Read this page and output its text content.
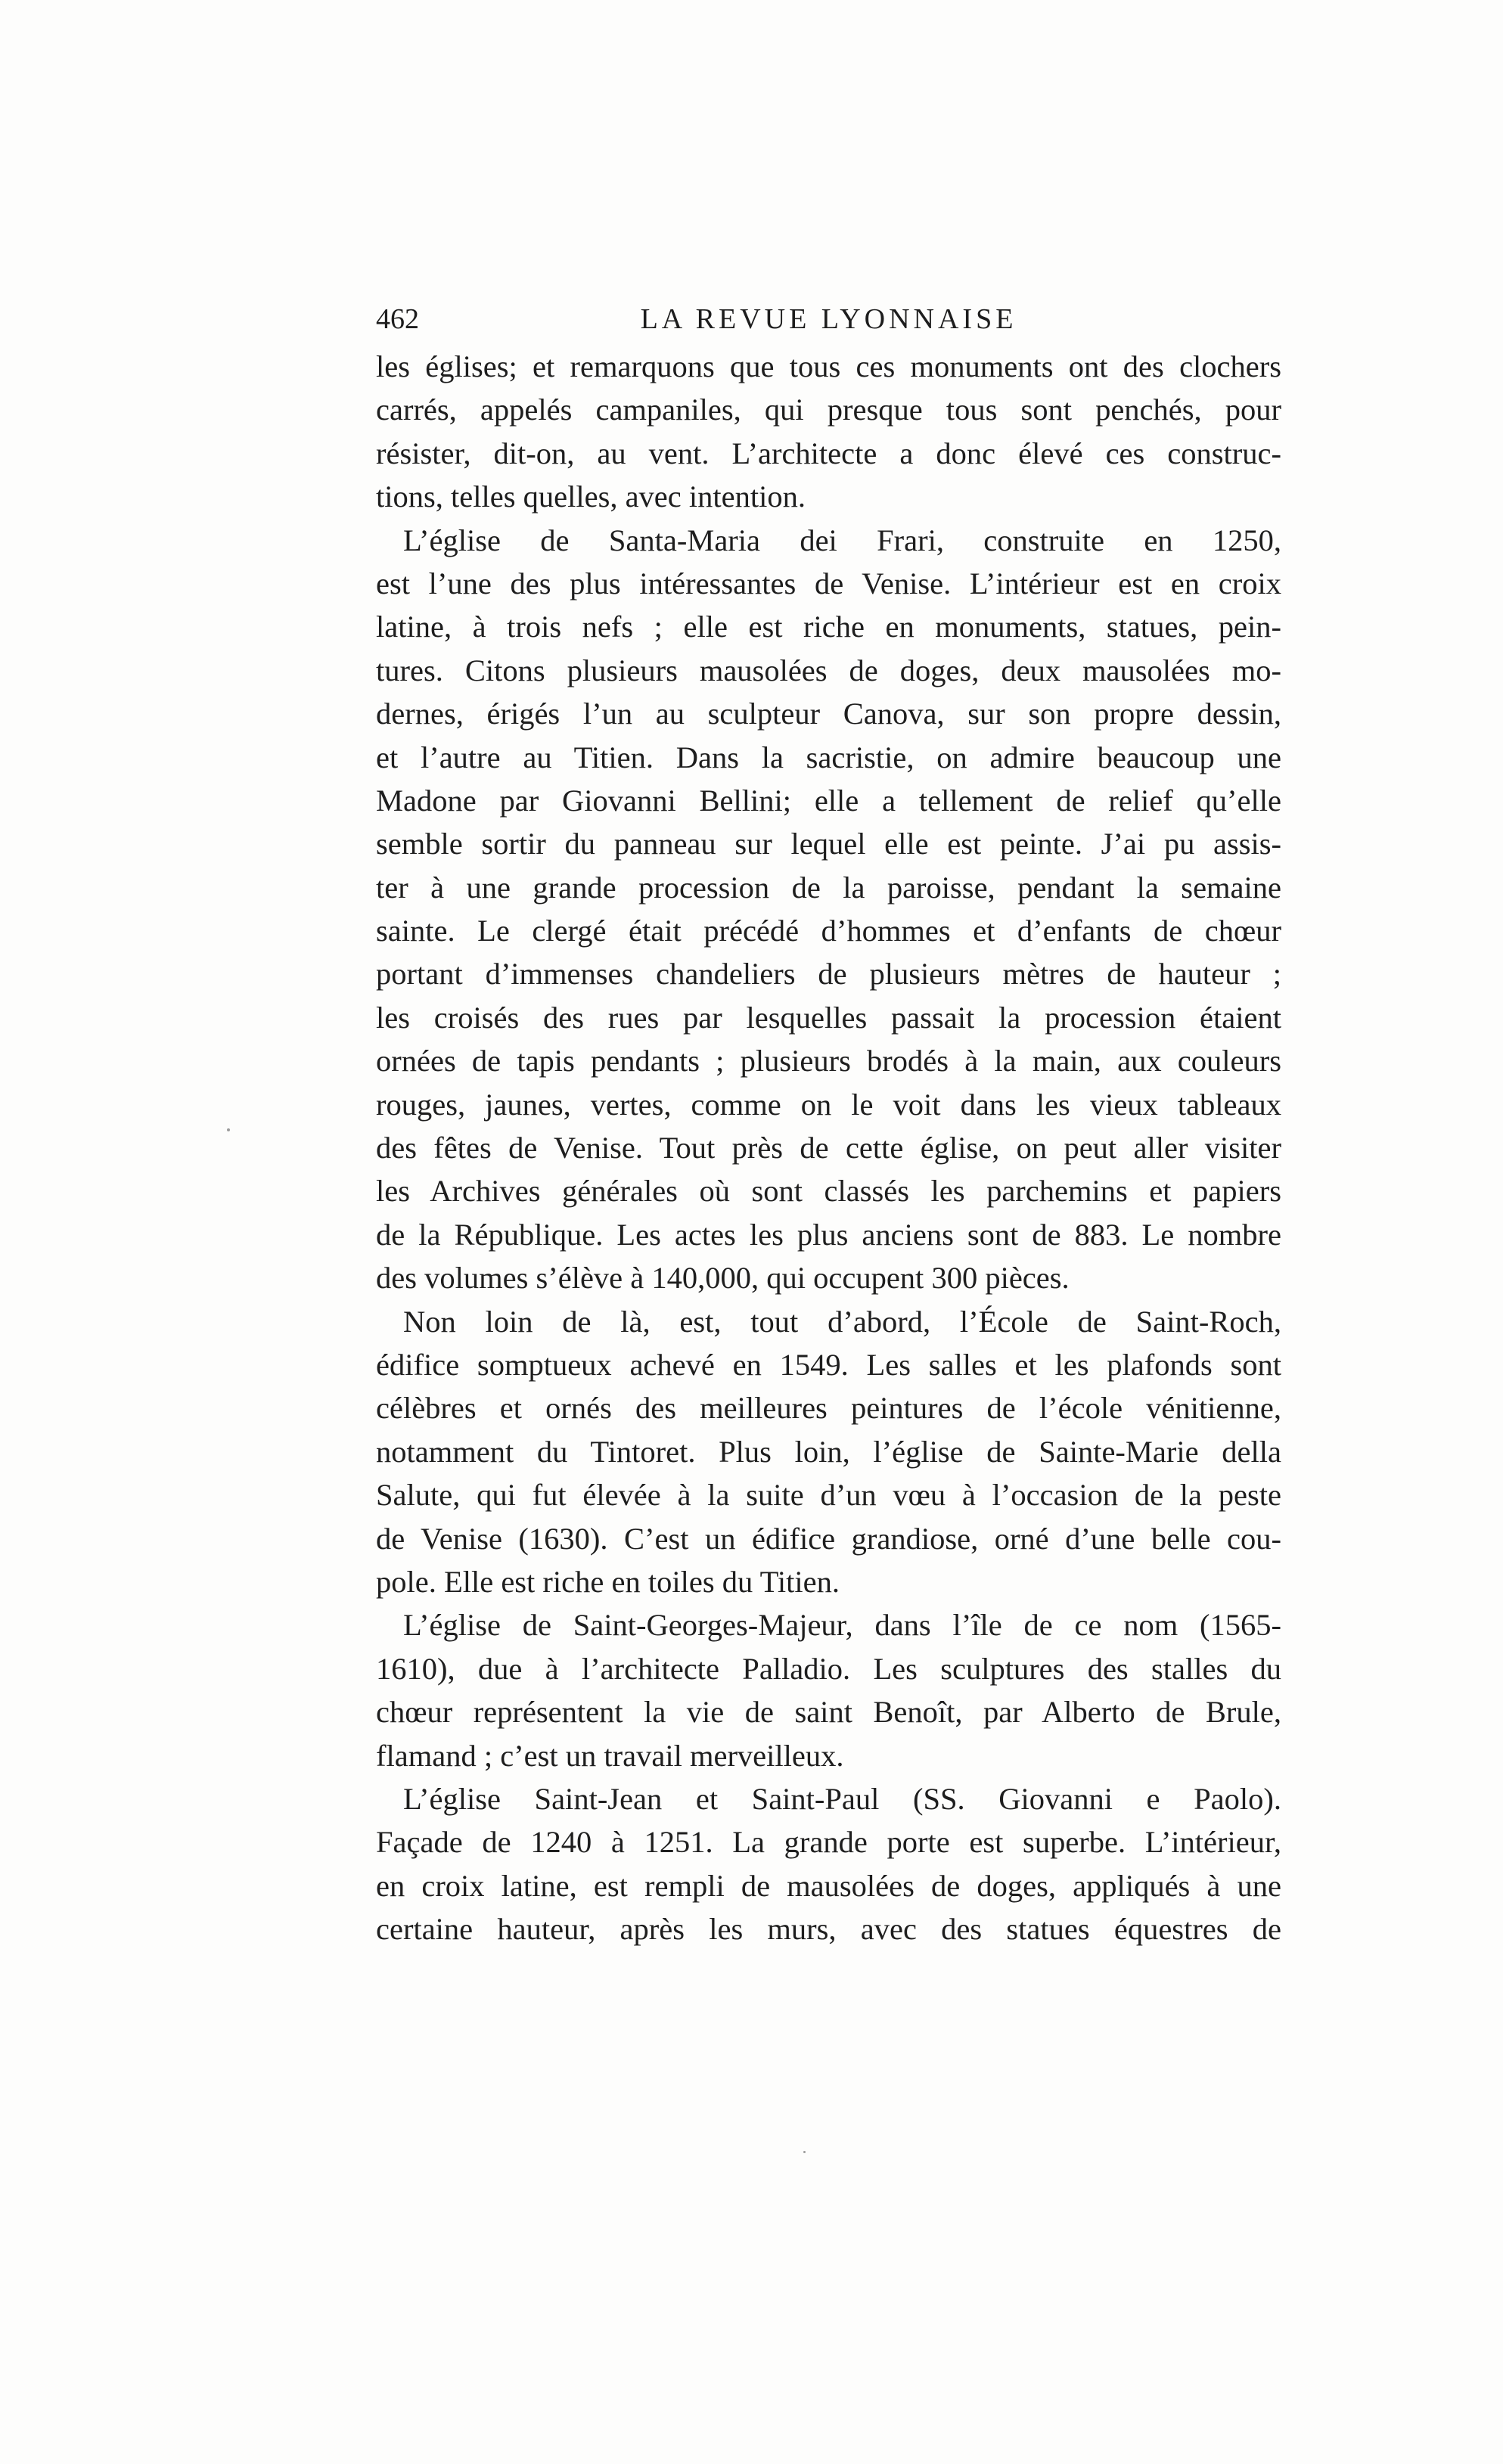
462	LA REVUE LYONNAISE
les églises; et remarquons que tous ces monuments ont des clochers
carrés, appelés campaniles, qui presque tous sont penchés, pour
résister, dit-on, au vent. L’architecte a donc élevé ces construc-
tions, telles quelles, avec intention.
L’église de Santa-Maria dei Frari, construite en 1250,
est l’une des plus intéressantes de Venise. L’intérieur est en croix
latine, à trois nefs ; elle est riche en monuments, statues, pein-
tures. Citons plusieurs mausolées de doges, deux mausolées mo-
dernes, érigés l’un au sculpteur Canova, sur son propre dessin,
et l’autre au Titien. Dans la sacristie, on admire beaucoup une
Madone par Giovanni Bellini; elle a tellement de relief qu’elle
semble sortir du panneau sur lequel elle est peinte. J’ai pu assis-
ter à une grande procession de la paroisse, pendant la semaine
sainte. Le clergé était précédé d’hommes et d’enfants de chœur
portant d’immenses chandeliers de plusieurs mètres de hauteur ;
les croisés des rues par lesquelles passait la procession étaient
ornées de tapis pendants ; plusieurs brodés à la main, aux couleurs
rouges, jaunes, vertes, comme on le voit dans les vieux tableaux
des fêtes de Venise. Tout près de cette église, on peut aller visiter
les Archives générales où sont classés les parchemins et papiers
de la République. Les actes les plus anciens sont de 883. Le nombre
des volumes s’élève à 140,000, qui occupent 300 pièces.
Non loin de là, est, tout d’abord, l’École de Saint-Roch,
édifice somptueux achevé en 1549. Les salles et les plafonds sont
célèbres et ornés des meilleures peintures de l’école vénitienne,
notamment du Tintoret. Plus loin, l’église de Sainte-Marie della
Salute, qui fut élevée à la suite d’un vœu à l’occasion de la peste
de Venise (1630). C’est un édifice grandiose, orné d’une belle cou-
pole. Elle est riche en toiles du Titien.
L’église de Saint-Georges-Majeur, dans l’île de ce nom (1565-
1610), due à l’architecte Palladio. Les sculptures des stalles du
chœur représentent la vie de saint Benoît, par Alberto de Brule,
flamand ; c’est un travail merveilleux.
L’église Saint-Jean et Saint-Paul (SS. Giovanni e Paolo).
Façade de 1240 à 1251. La grande porte est superbe. L’intérieur,
en croix latine, est rempli de mausolées de doges, appliqués à une
certaine hauteur, après les murs, avec des statues équestres de
